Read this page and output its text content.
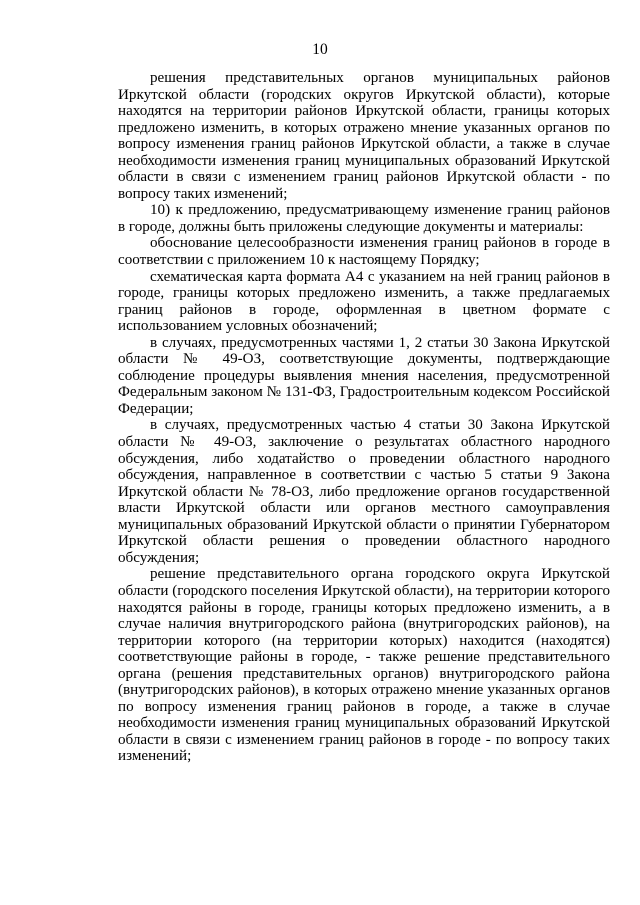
10

решения представительных органов муниципальных районов Иркутской области (городских округов Иркутской области), которые находятся на территории районов Иркутской области, границы которых предложено изменить, в которых отражено мнение указанных органов по вопросу изменения границ районов Иркутской области, а также в случае необходимости изменения границ муниципальных образований Иркутской области в связи с изменением границ районов Иркутской области - по вопросу таких изменений;

10) к предложению, предусматривающему изменение границ районов в городе, должны быть приложены следующие документы и материалы:

обоснование целесообразности изменения границ районов в городе в соответствии с приложением 10 к настоящему Порядку;

схематическая карта формата А4 с указанием на ней границ районов в городе, границы которых предложено изменить, а также предлагаемых границ районов в городе, оформленная в цветном формате с использованием условных обозначений;

в случаях, предусмотренных частями 1, 2 статьи 30 Закона Иркутской области № 49-ОЗ, соответствующие документы, подтверждающие соблюдение процедуры выявления мнения населения, предусмотренной Федеральным законом № 131-ФЗ, Градостроительным кодексом Российской Федерации;

в случаях, предусмотренных частью 4 статьи 30 Закона Иркутской области № 49-ОЗ, заключение о результатах областного народного обсуждения, либо ходатайство о проведении областного народного обсуждения, направленное в соответствии с частью 5 статьи 9 Закона Иркутской области № 78-ОЗ, либо предложение органов государственной власти Иркутской области или органов местного самоуправления муниципальных образований Иркутской области о принятии Губернатором Иркутской области решения о проведении областного народного обсуждения;

решение представительного органа городского округа Иркутской области (городского поселения Иркутской области), на территории которого находятся районы в городе, границы которых предложено изменить, а в случае наличия внутригородского района (внутригородских районов), на территории которого (на территории которых) находится (находятся) соответствующие районы в городе, - также решение представительного органа (решения представительных органов) внутригородского района (внутригородских районов), в которых отражено мнение указанных органов по вопросу изменения границ районов в городе, а также в случае необходимости изменения границ муниципальных образований Иркутской области в связи с изменением границ районов в городе - по вопросу таких изменений;
